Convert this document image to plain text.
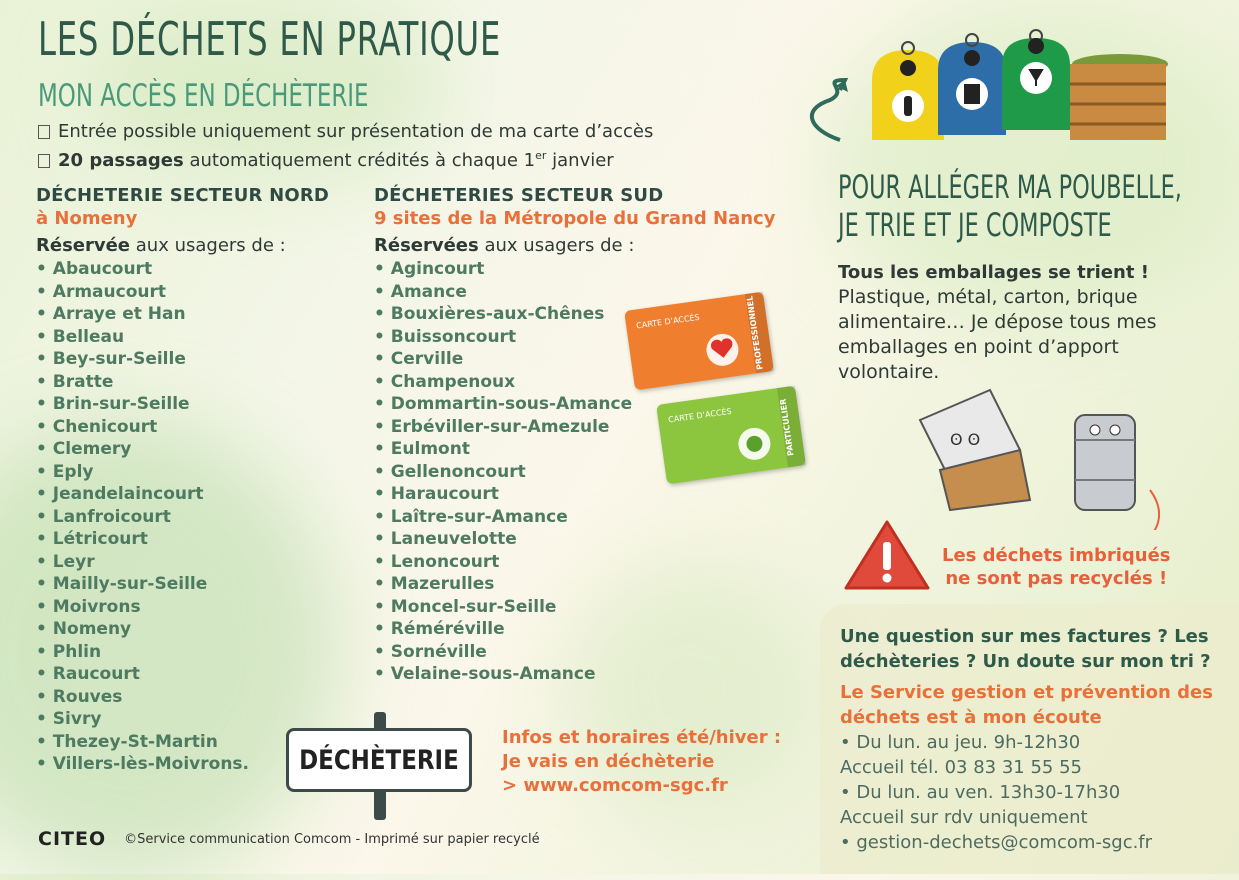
LES DÉCHETS EN PRATIQUE
MON ACCÈS EN DÉCHÈTERIE
Entrée possible uniquement sur présentation de ma carte d’accès
20 passages automatiquement crédités à chaque 1er janvier
DÉCHETERIE SECTEUR NORD
à Nomeny
Réservée aux usagers de :
• Abaucourt
• Armaucourt
• Arraye et Han
• Belleau
• Bey-sur-Seille
• Bratte
• Brin-sur-Seille
• Chenicourt
• Clemery
• Eply
• Jeandelaincourt
• Lanfroicourt
• Létricourt
• Leyr
• Mailly-sur-Seille
• Moivrons
• Nomeny
• Phlin
• Raucourt
• Rouves
• Sivry
• Thezey-St-Martin
• Villers-lès-Moivrons.
DÉCHETERIES SECTEUR SUD
9 sites de la Métropole du Grand Nancy
Réservées aux usagers de :
• Agincourt
• Amance
• Bouxières-aux-Chênes
• Buissoncourt
• Cerville
• Champenoux
• Dommartin-sous-Amance
• Erbéviller-sur-Amezule
• Eulmont
• Gellenoncourt
• Haraucourt
• Laître-sur-Amance
• Laneuvelotte
• Lenoncourt
• Mazerulles
• Moncel-sur-Seille
• Réméréville
• Sornéville
• Velaine-sous-Amance
CARTE D’ACCÈS	PROFESSIONNEL
CARTE D’ACCÈS	PARTICULIER
DÉCHÈTERIE
Infos et horaires été/hiver :
Je vais en déchèterie
> www.comcom-sgc.fr
CITEO ©Service communication Comcom - Imprimé sur papier recyclé
POUR ALLÉGER MA POUBELLE,
JE TRIE ET JE COMPOSTE
Tous les emballages se trient !
Plastique, métal, carton, brique alimentaire… Je dépose tous mes emballages en point d’apport volontaire.
ʘ ʘ
Les déchets imbriqués
ne sont pas recyclés !
Une question sur mes factures ? Les déchèteries ? Un doute sur mon tri ?
Le Service gestion et prévention des déchets est à mon écoute
• Du lun. au jeu. 9h-12h30
Accueil tél. 03 83 31 55 55
• Du lun. au ven. 13h30-17h30
Accueil sur rdv uniquement
• gestion-dechets@comcom-sgc.fr
